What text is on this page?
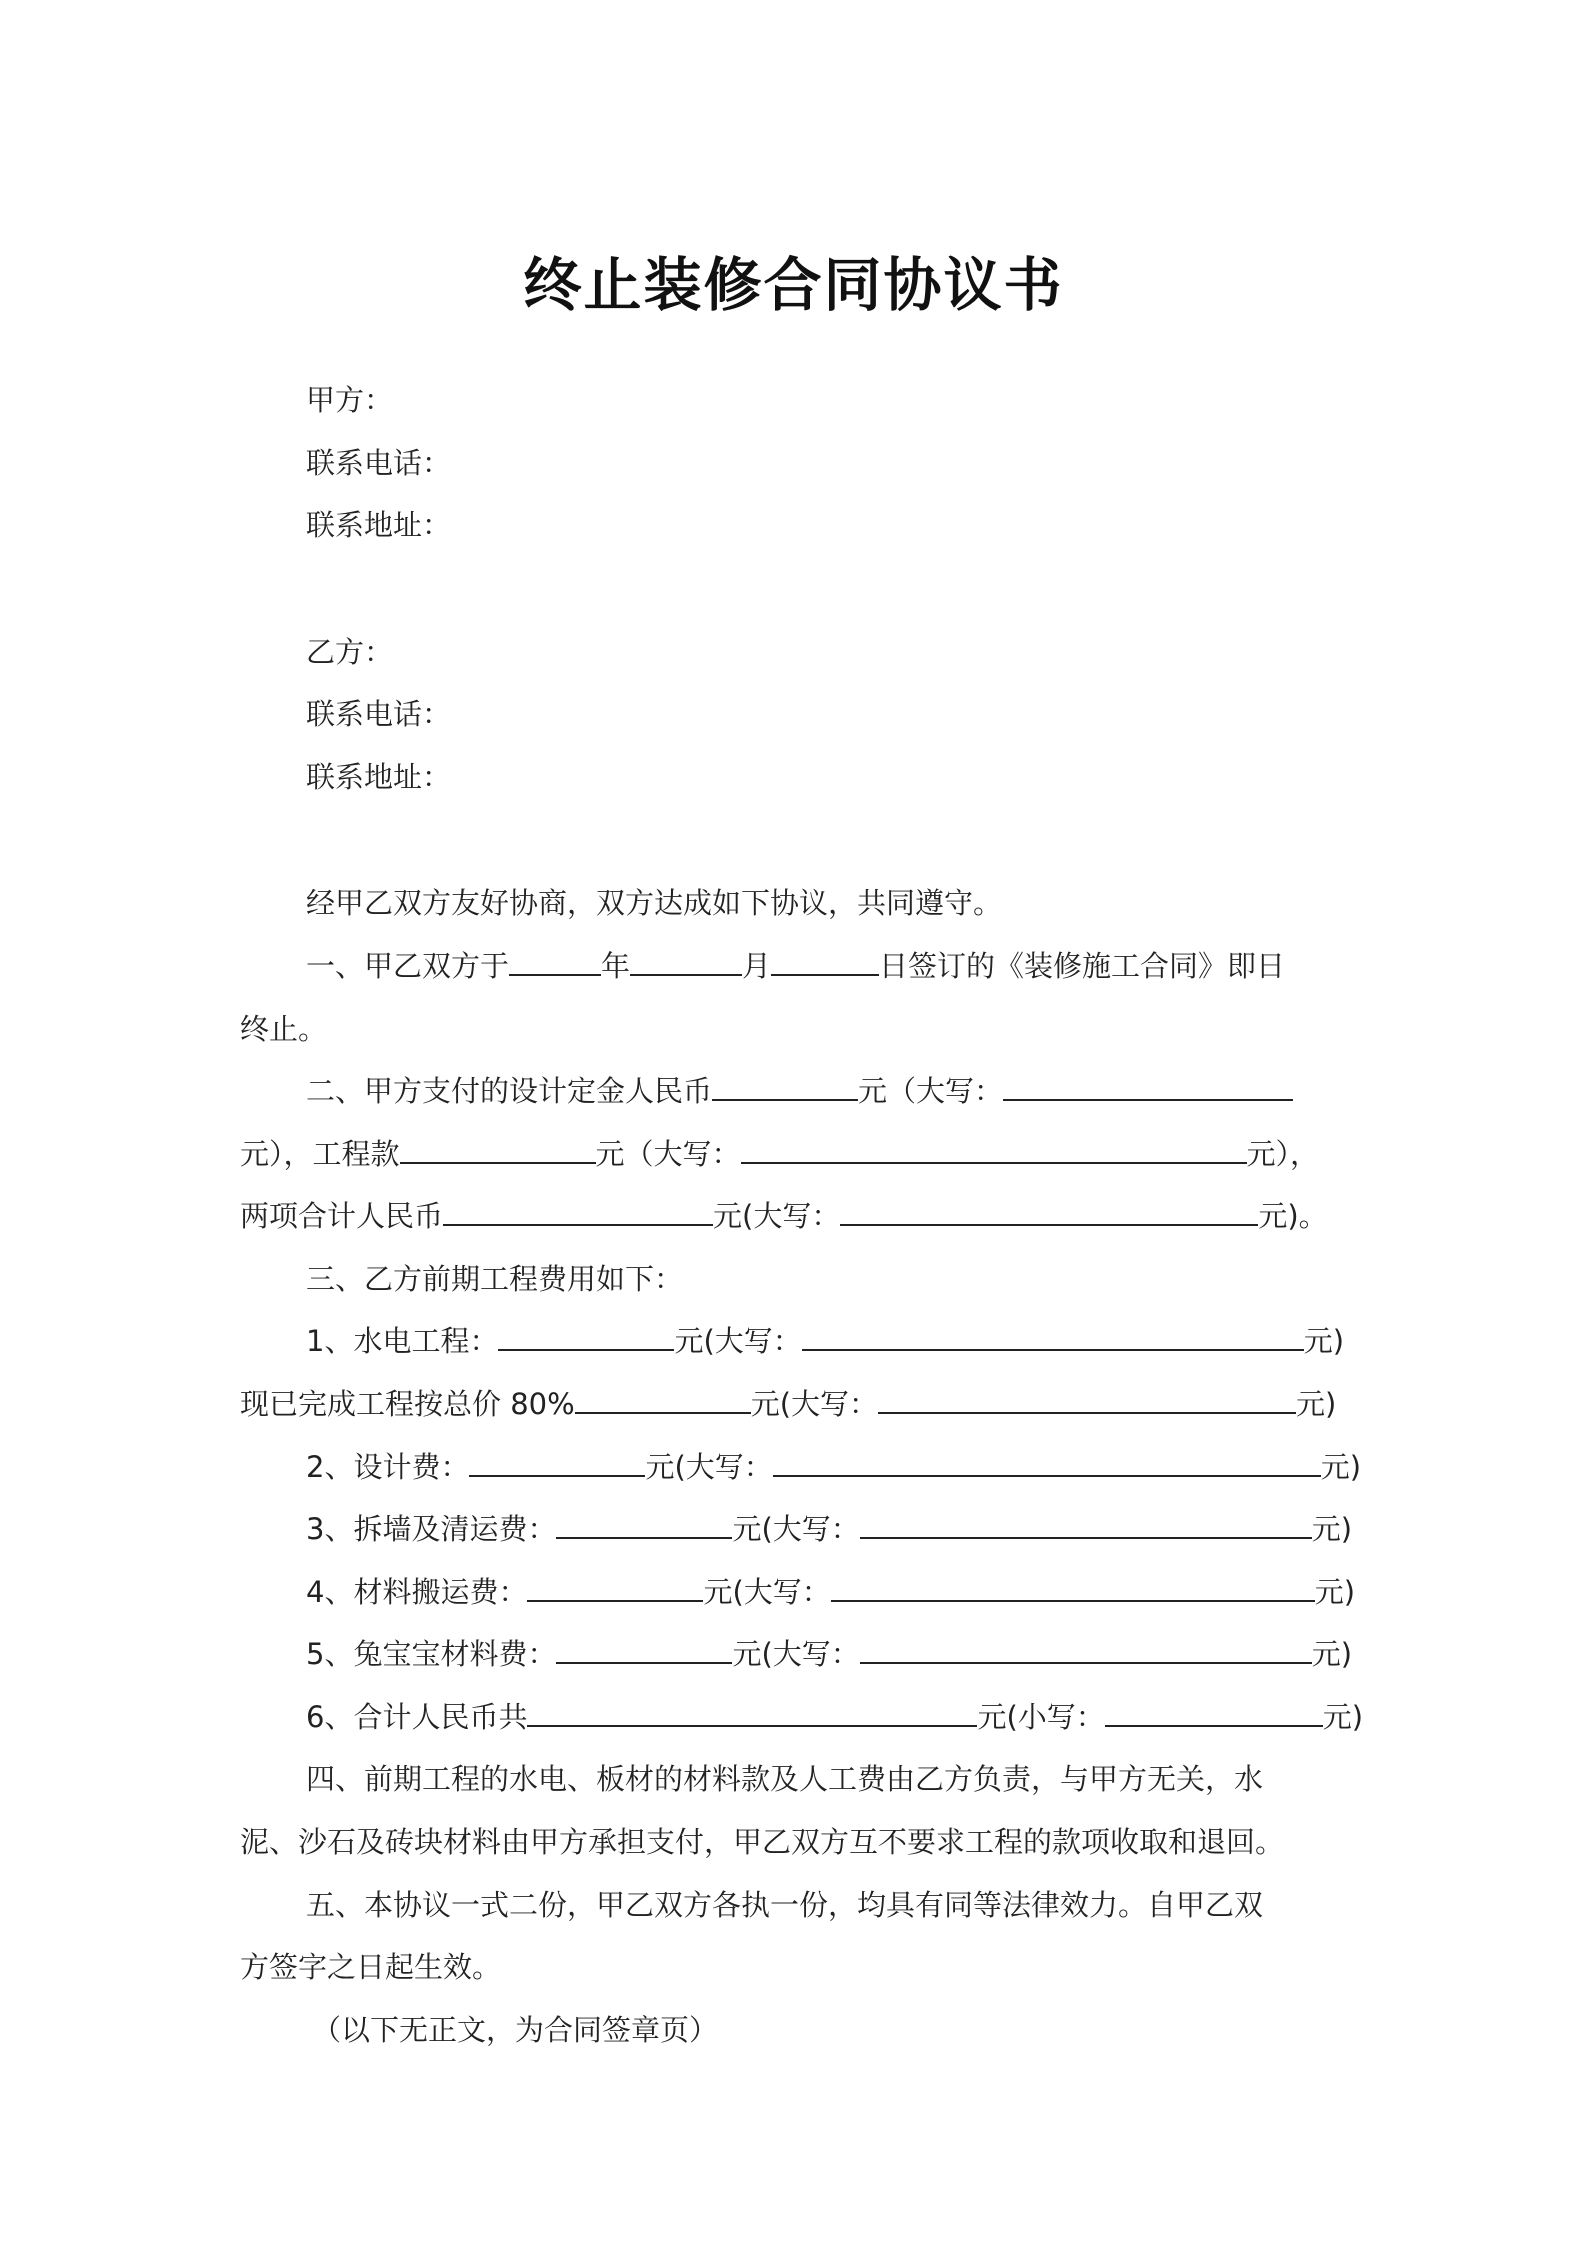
终止装修合同协议书
甲方：
联系电话：
联系地址：
乙方：
联系电话：
联系地址：
经甲乙双方友好协商，双方达成如下协议，共同遵守。
一、甲乙双方于	年	月	日签订的《装修施工合同》即日
终止。
二、甲方支付的设计定金人民币	元（大写：
元），工程款	元（大写：	元），
两项合计人民币	元(大写：	元)。
三、乙方前期工程费用如下：
1、水电工程：	元(大写：	元)
现已完成工程按总价 80%	元(大写：	元)
2、设计费：	元(大写：	元)
3、拆墙及清运费：	元(大写：	元)
4、材料搬运费：	元(大写：	元)
5、兔宝宝材料费：	元(大写：	元)
6、合计人民币共	元(小写：	元)
四、前期工程的水电、板材的材料款及人工费由乙方负责，与甲方无关，水
泥、沙石及砖块材料由甲方承担支付，甲乙双方互不要求工程的款项收取和退回。
五、本协议一式二份，甲乙双方各执一份，均具有同等法律效力。自甲乙双
方签字之日起生效。
（以下无正文，为合同签章页）
